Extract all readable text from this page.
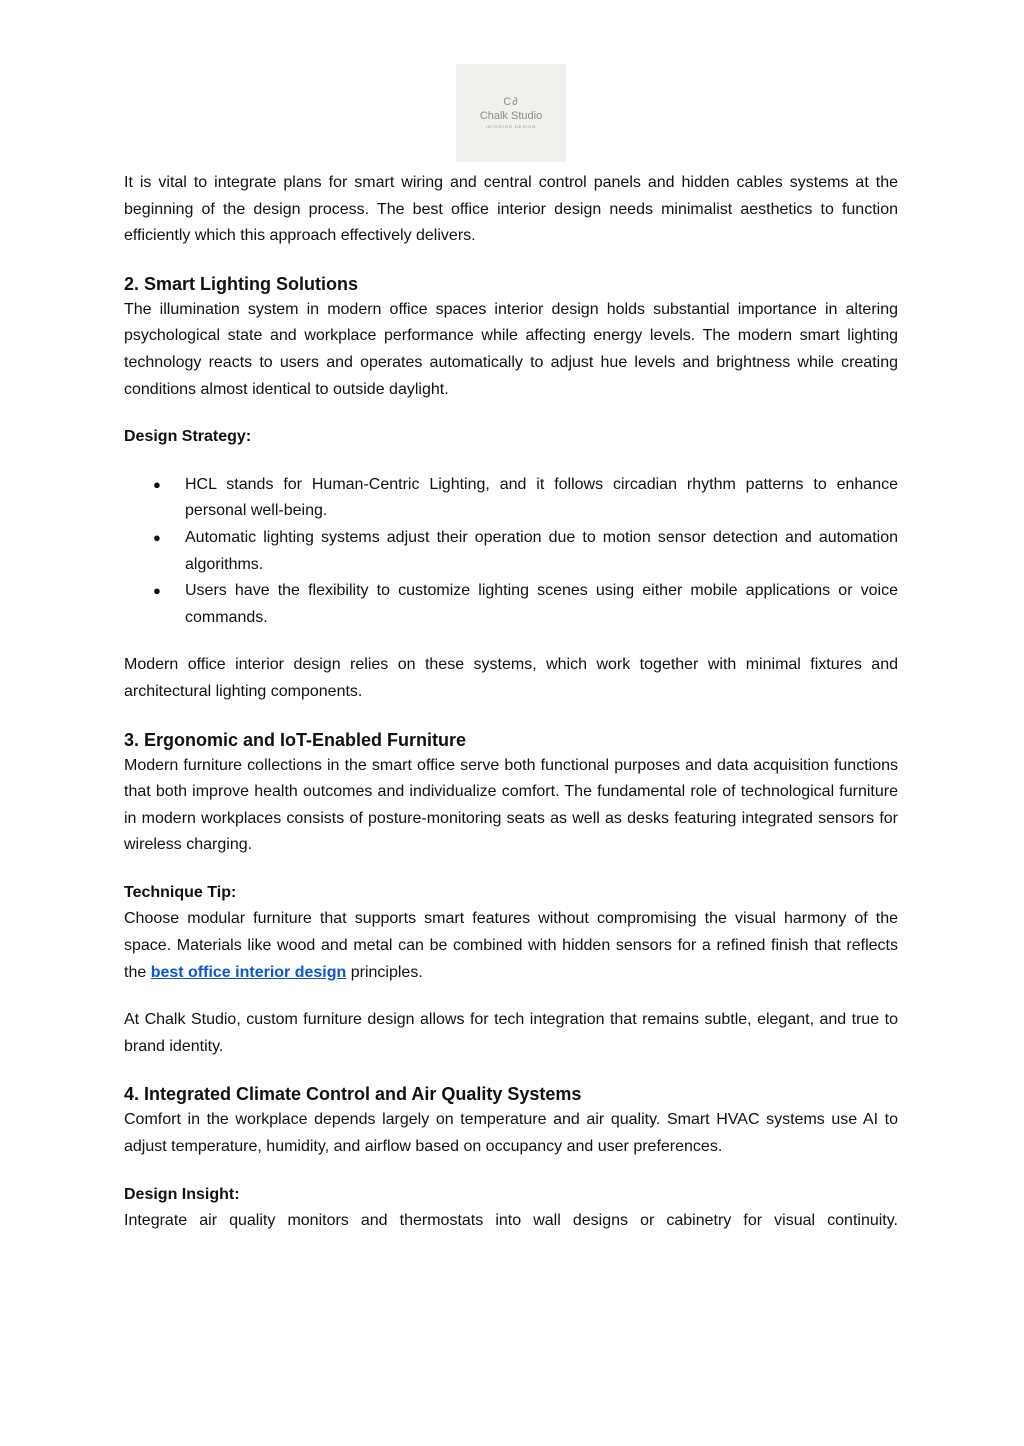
C∂
Chalk Studio
INTERIOR DESIGN

It is vital to integrate plans for smart wiring and central control panels and hidden cables systems at the beginning of the design process. The best office interior design needs minimalist aesthetics to function efficiently which this approach effectively delivers.

2. Smart Lighting Solutions

The illumination system in modern office spaces interior design holds substantial importance in altering psychological state and workplace performance while affecting energy levels. The modern smart lighting technology reacts to users and operates automatically to adjust hue levels and brightness while creating conditions almost identical to outside daylight.

Design Strategy:

● HCL stands for Human-Centric Lighting, and it follows circadian rhythm patterns to enhance personal well-being.
● Automatic lighting systems adjust their operation due to motion sensor detection and automation algorithms.
● Users have the flexibility to customize lighting scenes using either mobile applications or voice commands.

Modern office interior design relies on these systems, which work together with minimal fixtures and architectural lighting components.

3. Ergonomic and IoT-Enabled Furniture

Modern furniture collections in the smart office serve both functional purposes and data acquisition functions that both improve health outcomes and individualize comfort. The fundamental role of technological furniture in modern workplaces consists of posture-monitoring seats as well as desks featuring integrated sensors for wireless charging.

Technique Tip:

Choose modular furniture that supports smart features without compromising the visual harmony of the space. Materials like wood and metal can be combined with hidden sensors for a refined finish that reflects the best office interior design principles.

At Chalk Studio, custom furniture design allows for tech integration that remains subtle, elegant, and true to brand identity.

4. Integrated Climate Control and Air Quality Systems

Comfort in the workplace depends largely on temperature and air quality. Smart HVAC systems use AI to adjust temperature, humidity, and airflow based on occupancy and user preferences.

Design Insight:

Integrate air quality monitors and thermostats into wall designs or cabinetry for visual continuity.
